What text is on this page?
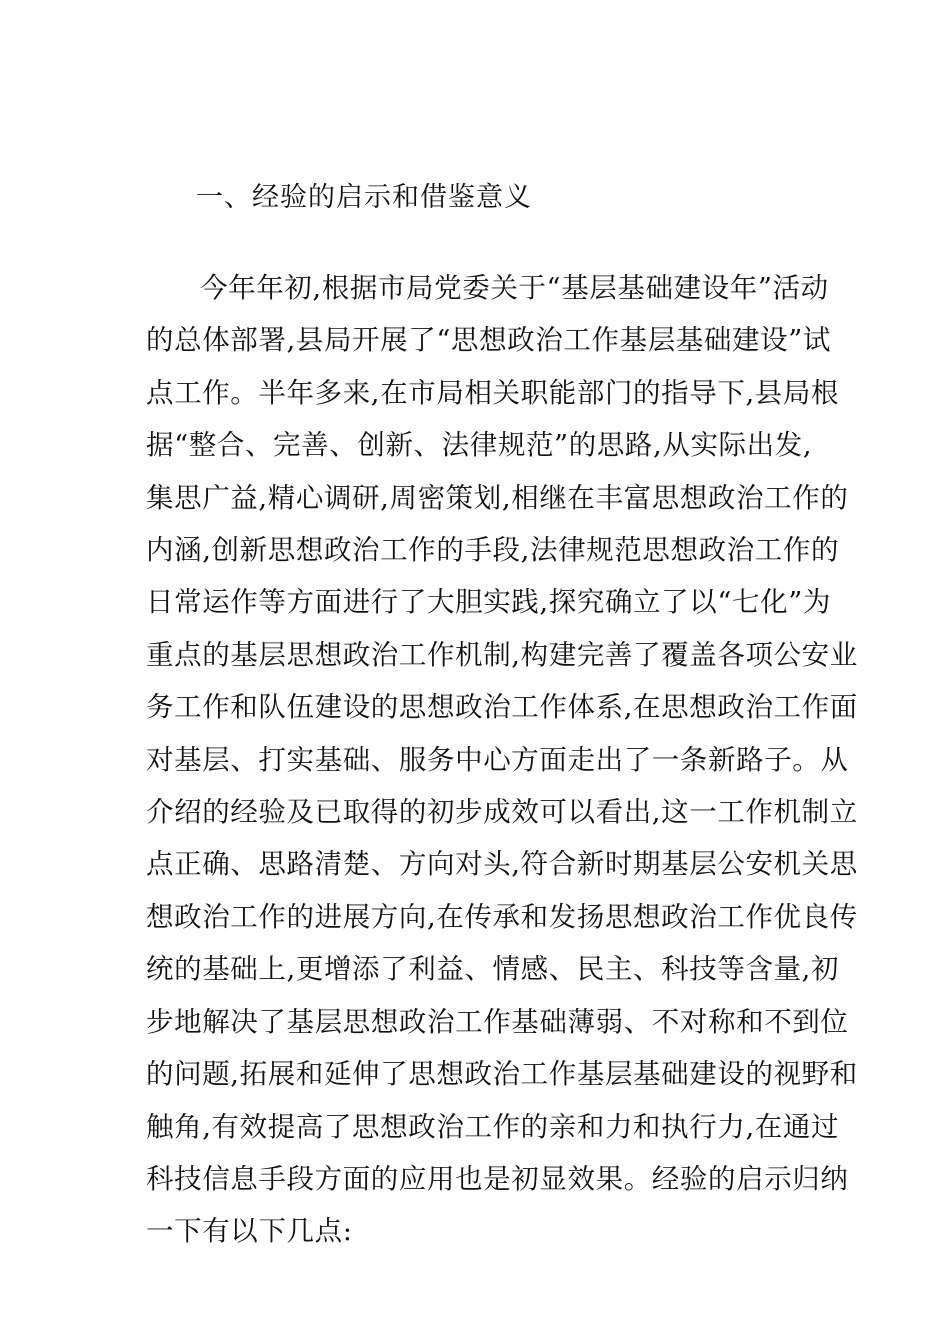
一、经验的启示和借鉴意义
今年年初,根据市局党委关于“基层基础建设年”活动
的总体部署,县局开展了“思想政治工作基层基础建设”试
点工作。半年多来,在市局相关职能部门的指导下,县局根
据“整合、完善、创新、法律规范”的思路,从实际出发,
集思广益,精心调研,周密策划,相继在丰富思想政治工作的
内涵,创新思想政治工作的手段,法律规范思想政治工作的
日常运作等方面进行了大胆实践,探究确立了以“七化”为
重点的基层思想政治工作机制,构建完善了覆盖各项公安业
务工作和队伍建设的思想政治工作体系,在思想政治工作面
对基层、打实基础、服务中心方面走出了一条新路子。从
介绍的经验及已取得的初步成效可以看出,这一工作机制立
点正确、思路清楚、方向对头,符合新时期基层公安机关思
想政治工作的进展方向,在传承和发扬思想政治工作优良传
统的基础上,更增添了利益、情感、民主、科技等含量,初
步地解决了基层思想政治工作基础薄弱、不对称和不到位
的问题,拓展和延伸了思想政治工作基层基础建设的视野和
触角,有效提高了思想政治工作的亲和力和执行力,在通过
科技信息手段方面的应用也是初显效果。经验的启示归纳
一下有以下几点:
